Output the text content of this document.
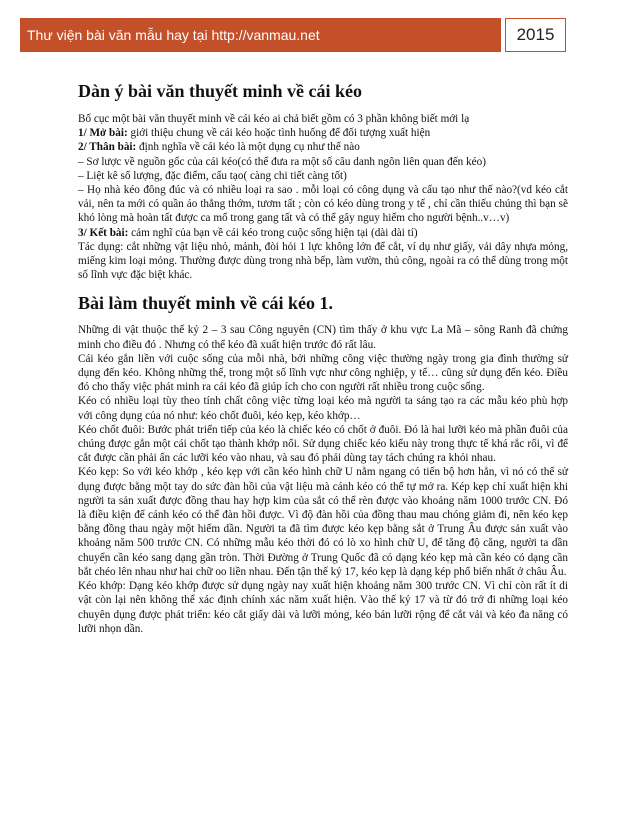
Thư viện bài văn mẫu hay tại http://vanmau.net	2015
Dàn ý bài văn thuyết minh về cái kéo

Bố cục một bài văn thuyết minh về cái kéo ai chả biết gồm có 3 phần không biết mới lạ

1/ Mở bài: giới thiệu chung về cái kéo hoặc tình huống để đối tượng xuất hiện

2/ Thân bài: định nghĩa về cái kéo là một dụng cụ như thế nào

– Sơ lược về nguồn gốc của cái kéo(có thể đưa ra một số câu danh ngôn liên quan đến kéo)

– Liệt kê số lượng, đặc điểm, cấu tạo( càng chi tiết càng tốt)

– Họ nhà kéo đông đúc và có nhiều loại ra sao . mỗi loại có công dụng và cấu tạo như thế nào?(vd kéo cắt vải, nên ta mới có quần áo thẳng thớm, tươm tất ; còn có kéo dùng trong y tế , chỉ cần thiếu chúng thì bạn sẽ khó lòng mà hoàn tất được ca mổ trong gang tất và có thể gây nguy hiểm cho người bệnh..v…v)

3/ Kết bài: cảm nghĩ của bạn về cái kéo trong cuộc sống hiện tại (dài dài tí)

Tác dụng: cắt những vật liệu nhỏ, mảnh, đòi hỏi 1 lực không lớn để cắt, ví dụ như giấy, vải dây nhựa mỏng, miếng kim loại mỏng. Thường được dùng trong nhà bếp, làm vườn, thủ công, ngoài ra có thể dùng trong một số lĩnh vực đặc biệt khác.

Bài làm thuyết minh về cái kéo 1.

Những di vật thuộc thế kỷ 2 – 3 sau Công nguyên (CN) tìm thấy ở khu vực La Mã – sông Ranh đã chứng minh cho điều đó . Nhưng có thể kéo đã xuất hiện trước đó rất lâu.

Cái kéo gắn liền với cuộc sống của mỗi nhà, bởi những công việc thường ngày trong gia đình thường sử dụng đến kéo. Không những thế, trong một số lĩnh vực như công nghiệp, y tế… cũng sử dụng đến kéo. Điều đó cho thấy việc phát minh ra cái kéo đã giúp ích cho con người rất nhiều trong cuộc sống.

Kéo có nhiều loại tùy theo tính chất công việc từng loại kéo mà người ta sáng tạo ra các mẫu kéo phù hợp với công dụng của nó như: kéo chốt đuôi, kéo kẹp, kéo khớp…

Kéo chốt đuôi: Bước phát triển tiếp của kéo là chiếc kéo có chốt ở đuôi. Đó là hai lưỡi kéo mà phần đuôi của chúng được gắn một cái chốt tạo thành khớp nối. Sử dụng chiếc kéo kiểu này trong thực tế khá rắc rối, vì để cắt được cần phải ấn các lưỡi kéo vào nhau, và sau đó phải dùng tay tách chúng ra khỏi nhau.

Kéo kẹp: So với kéo khớp , kéo kẹp với cần kéo hình chữ U nằm ngang có tiến bộ hơn hẳn, vì nó có thể sử dụng được bằng một tay do sức đàn hồi của vật liệu mà cánh kéo có thể tự mở ra. Kép kẹp chỉ xuất hiện khi người ta sản xuất được đồng thau hay hợp kim của sắt có thể rèn được vào khoảng năm 1000 trước CN. Đó là điều kiện để cánh kéo có thể đàn hồi được. Vì độ đàn hồi của đồng thau mau chóng giảm đi, nên kéo kẹp bằng đồng thau ngày một hiếm dần. Người ta đã tìm được kéo kẹp bằng sắt ở Trung Âu được sản xuất vào khoảng năm 500 trước CN. Có những mẫu kéo thời đó có lò xo hình chữ U, để tăng độ căng, người ta dần chuyển cần kéo sang dạng gần tròn. Thời Đường ở Trung Quốc đã có dạng kéo kẹp mà cần kéo có dạng cần bắt chéo lên nhau như hai chữ oo liền nhau. Đến tận thế kỷ 17, kéo kẹp là dạng kép phổ biến nhất ở châu Âu.

Kéo khớp: Dạng kéo khớp được sử dụng ngày nay xuất hiện khoảng năm 300 trước CN. Vì chỉ còn rất ít di vật còn lại nên không thể xác định chính xác năm xuất hiện. Vào thế kỷ 17 và từ đó trở đi những loại kéo chuyên dụng được phát triển: kéo cắt giấy dài và lưỡi mỏng, kéo bán lưỡi rộng để cắt vải và kéo đa năng có lưỡi nhọn dần.
